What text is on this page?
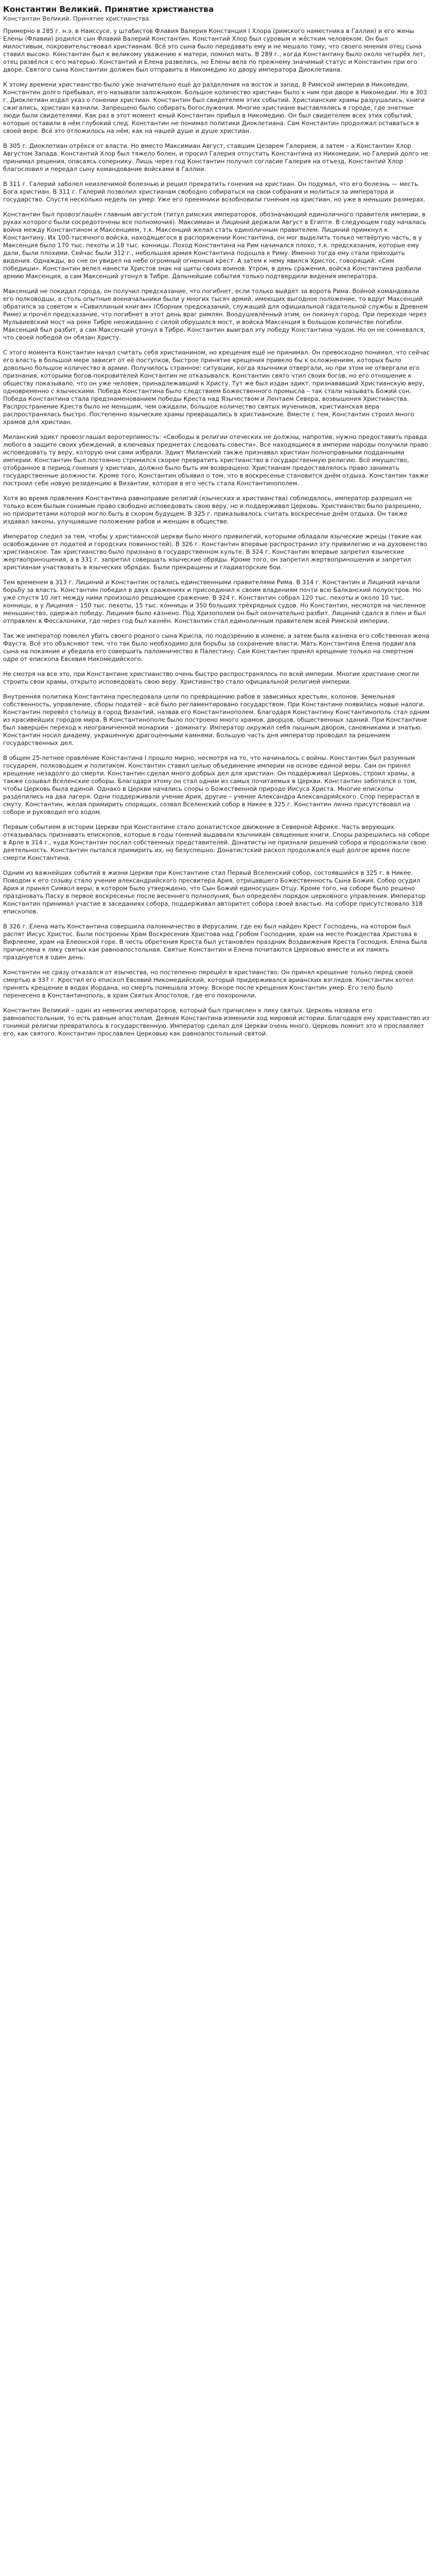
Константин Великий. Принятие христианства
Константин Великий. Принятие христианства.

Примерно в 285 г. н.э. в Наиссусе, у штабистов Флавия Валерия Констанция I Хлора (римского наместника в Галлии) и его жены Елены (Флавии) родился сын Флавий Валерий Константин. Константий Хлор был суровым и жёстким человеком. Он был милостивым, покровительствовал христианам. Всё это сына было передавать ему и не мешало тому, что своего мнения отец сына ставил высоко. Константин был к великому уважению к матери, помнил мать. В 289 г., когда Константину было около четырёх лет, отец развёлся с его матерью. Константий и Елена развелись, но Елены вела по прежнему значимый статус и Константин при его дворе. Святого сына Константин должен был отправить в Никомедию ко двору императора Диоклетиана.

К этому времени христианство было уже значительно ещё до разделения на восток и запад. В Римской империи в Никомедии, Константин долго пребывал, его называли заложником. Большое количество христиан было к ним при дворе в Никомедии. Но в 303 г. Диоклетиан издал указ о гонении христиан. Константин был свидетелем этих событий. Христианские храмы разрушались, книги сжигались, христиан казнили. Запрещено было собирать богослужения. Многие христиане выставлялись в городе, где знатные люди были свидетелями. Как раз в этот момент юный Константин прибыл в Никомедию. Он был свидетелем всех этих событий, которые оставили в нём глубокий след. Константин не понимал политики Диоклетиана. Сам Константин продолжал оставаться в своей вере. Всё это отложилось на нём, как на нашей душе и душе христиан.

В 305 г. Диоклетиан отрёкся от власти. Но вместо Максимиан Август, ставшим Цезарем Галерием, а затем – а Константин Хлор Августом Запада. Константий Хлор был тяжело болен, и просил Галерия отпустить Константина из Никомедии, но Галерий долго не принимал решения, опасаясь сопернику. Лишь через год Константин получил согласие Галерия на отъезд. Константий Хлор благословил и передал сыну командование войсками в Галлии.

В 311 г. Галерий заболел неизлечимой болезнью и решил прекратить гонения на христиан. Он подумал, что его болезнь — месть Бога христиан. В 311 г. Галерий позволил христианам свободно собираться на свои собрания и молиться за императора и государство. Спустя несколько недель он умер. Уже его преемники возобновили гонения на христиан, но уже в меньших размерах.

Константин был провозглашён главным августом (титул римских императоров, обозначающий единоличного правителя империи, в рукаx которого были сосредоточены все полномочия). Максимиан и Лициний держали Август в Египте. В следующем году началась война между Константином и Максенцием, т.к. Максенций желал стать единоличным правителем. Лициний примкнул к Константину. Их 100-тысячного войска, находящегося в распоряжении Константина, он мог выделить только четвёртую часть, в у Максенция было 170 тыс. пехоты и 18 тыс. конницы. Поход Константина на Рим начинался плохо, т.к. предсказания, которые ему дали, были плохими. Сейчас были 312 г., небольшая армия Константина подошла к Риму. Именно тогда ему стали приходить видения. Однажды, во сне он увидел на небе огромный огненный крест. А затем к нему явился Христос, говорящий: «Сим победиши». Константин велел нанести Христов знак на щиты своих воинов. Утром, в день сражения, войска Константина разбили армию Максенция, а сам Максенций утонул в Тибре. Дальнейшие события только подтвердили видения императора.

Максенций не покидал города, он получил предсказание, что погибнет, если только выйдет за ворота Рима. Войной командовали его полководцы, а столь опытные военачальники были у многих тысяч армий, имеющих выгодное положение, то вдруг Максенций обратился за советом к «Сивиллиным книгам» (Сборник предсказаний, служащий для официальной гадательной службы в Древнем Риме) и прочёл предсказание, что погибнет в этот день враг римлян. Воодушевлённый этим, он покинул город. При переходе через Мульвиевский мост на реке Тибре неожиданно с силой обрушился мост, и войска Максенция в большом количестве погибли. Максенций был разбит, а сам Максенций утонул в Тибре. Константин выиграл эту победу Константина чудом. Но он не сомневался, что своей победой он обязан Христу.

С этого момента Константин начал считать себя христианином, но крещения ещё не принимал. Он превосходно понимал, что сейчас его власть в большой мере зависит от её поступков, быстрое принятие крещения привело бы к осложнениям, которых было довольно большое количество в армии. Получилось странное: ситуации, когда язычники отвергали, но при этом не отвергали его признания, которыми богов-покровителей Константин не отказывался. Константин свято чтил своих богов, но его отношение к обществу показывало, что он уже человек, принадлежавший к Христу. Тут же был издан эдикт, признававший Христианскую веру, одновременно с языческими. Победа Константина было следствием Божественного промысла – так стали называть Божий сон. Победа Константина стала предзнаменованием победы Креста над Язычеством и Лентаем Севера, возвышения Христианства. Распространение Креста было не меньшим, чем ожидали, большое количество святых мучеников, христианская вера распространялась быстро. Постепенно языческие храмы превращались в христианские. Вместе с тем, Константин строил много храмов для христиан.

Миланский эдикт провозглашал веротерпимость: «Свободы в религии отеческих не должны, напротив, нужно предоставить правда любого в защите своих убеждений, в ключевых предметах следовать совести». Все находящиеся в империи народы получили право исповедовать ту веру, которую они сами избрали. Эдикт Миланский также признавал христиан полноправными подданными империи. Константин был постоянно стремился скорее превратить христианство в государственную религию. Всё имущество, отобранное в период гонения у христиан, должно было быть им возвращено. Христианам предоставлялось право занимать государственные должности. Кроме того, Константин объявил о том, что в воскресенье становится днём отдыха. Константин также построил себе новую резиденцию в Византии, которая в его честь стала Константинополем.

Хотя во время правления Константина равноправие религий (языческих и христианства) соблюдалось, император разрешил не только всем былым гонимым право свободно исповедовать свою веру, но и поддерживал Церковь. Христианство было разрешено, но приоритетами которой могло быть в скором будущем. В 325 г. приказывалось считать воскресенье днём отдыха. Он также издавал законы, улучшавшие положение рабов и женщин в обществе.

Император следил за тем, чтобы у христианской церкви было много привилегий, которыми обладали языческие жрецы (такие как освобождение от податей и городских повинностей). В 326 г. Константин впервые распространил эту привилегию и на духовенство христианское. Так христианство было признано в государственном культе. В 324 г. Константин впервые запретил языческие жертвоприношения, а в 331 г. запретил совершать языческие обряды. Кроме того, он запретил жертвоприношения и запретил христианам участвовать в языческих обрядах. Были прекращены и гладиаторские бои.

Тем временем в 313 г. Лициний и Константин остались единственными правителями Рима. В 314 г. Константин и Лициний начали борьбу за власть. Константин победил в двух сражениях и присоединил к своим владениям почти всю Балканский полуостров. Но уже спустя 10 лет между ними произошло решающее сражение. В 324 г. Константин собрал 120 тыс. пехоты и около 10 тыс. конницы, а у Лициния – 150 тыс. пехоты, 15 тыс. конницы и 350 больших трёхрядных судов. Но Константин, несмотря на численное меньшинство, одержал победу. Лициния было казнено. Под Хризополем он был окончательно разбит. Лициний сдался в плен и был отправлен в Фессалоники, где через год был казнён. Константин стал единоличным правителем всей Римской империи.

Так же император повелел убить своего родного сына Криспа, по подозрению в измене, а затем была казнена его собственная жена Фауста. Всё это объясняют тем, что так было необходимо для борьбы за сохранение власти. Мать Константина Елена подвигала сына на покаяние и убедила его совершить паломничество в Палестину. Сам Константин принял крещение только на смертном одре от епископа Евсевия Никомедийского.

Не смотря на все это, при Константине христианство очень быстро распространялось по всей империи. Многие христиане смогли строить свои храмы, открыто исповедовать свою веру. Христианство стало официальной религией империи.

Внутренняя политика Константина преследовала цели по превращению рабов в зависимых крестьян, колонов. Земельная собственность, управление, сборы податей – всё было регламентировано государством. При Константине появились новые налоги. Константин перевёл столицу в город Византий, назвав его Константинополем. Благодаря Константину Константинополь стал одним из красивейших городов мира. В Константинополе было построено много храмов, дворцов, общественных зданий. При Константине был завершён переход к неограниченной монархии – доминату. Император окружил себя пышным двором, сановниками и знатью. Константин носил диадему, украшенную драгоценными камнями. Большую часть дня император проводил за решением государственных дел.

В общем 25-летнее правление Константина I прошло мирно, несмотря на то, что начиналось с войны. Константин был разумным государем, полководцем и политиком. Константин ставил целью объединение империи на основе единой веры. Сам он принял крещение незадолго до смерти. Константин сделал много добрых дел для христиан. Он поддерживал Церковь, строил храмы, а также созывал Вселенские соборы. Благодаря этому он стал одним из самых почитаемых в Церкви. Константин заботился о том, чтобы Церковь была единой. Однако в Церкви начались споры о Божественной природе Иисуса Христа. Многие епископы разделились на два лагеря. Одни поддерживали учение Ария, другие – учение Александра Александрийского. Спор перерастал в смуту. Константин, желая примирить спорящих, созвал Вселенский собор в Никее в 325 г. Константин лично присутствовал на соборе и руководил его ходом.

Первым событием в истории Церкви при Константине стало донатистское движение в Северной Африке. Часть верующих отказывалась признавать епископов, которые в годы гонений выдавали язычникам священные книги. Споры разрешились на соборе в Арле в 314 г., куда Константин послал собственных представителей. Донатисты не признали решений собора и продолжали свою деятельность. Константин пытался примирить их, но безуспешно. Донатистский раскол продолжался ещё долгое время после смерти Константина.

Одним из важнейших событий в жизни Церкви при Константине стал Первый Вселенский собор, состоявшийся в 325 г. в Никее. Поводом к его созыву стало учение александрийского пресвитера Ария, отрицавшего Божественность Сына Божия. Собор осудил Ария и принял Символ веры, в котором было утверждено, что Сын Божий единосущен Отцу. Кроме того, на соборе было решено праздновать Пасху в первое воскресенье после весеннего полнолуния, был определён порядок церковного управления. Император Константин принимал участие в заседаниях собора, поддерживал авторитет собора своей властью. На соборе присутствовало 318 епископов.

В 326 г. Елена мать Константина совершила паломничество в Иерусалим, где ею был найден Крест Господень, на котором был распят Иисус Христос. Были построены Храм Воскресения Христова над Гробом Господним, храм на месте Рождества Христова в Вифлееме, храм на Елеонской горе. В честь обретения Креста был установлен праздник Воздвижения Креста Господня. Елена была причислена к лику святых как равноапостольная. Святые Константин и Елена почитаются Церковью вместе и их память празднуется в один день.

Константин не сразу отказался от язычества, но постепенно перешёл в христианство. Он принял крещение только перед своей смертью в 337 г. Крестил его епископ Евсевий Никомедийский, который придерживался арианских взглядов. Константин хотел принять крещение в водах Иордана, но смерть помешала этому. Вскоре после крещения Константин умер. Его тело было перенесено в Константинополь, в храм Святых Апостолов, где его похоронили.

Константин Великий – один из немногих императоров, который был причислен к лику святых. Церковь назвала его равноапостольным, то есть равным апостолам. Деяния Константина изменили ход мировой истории. Благодаря ему христианство из гонимой религии превратилось в государственную. Император сделал для Церкви очень много. Церковь помнит это и прославляет его, как святого. Константин прославлен Церковью как равноапостольный святой.
